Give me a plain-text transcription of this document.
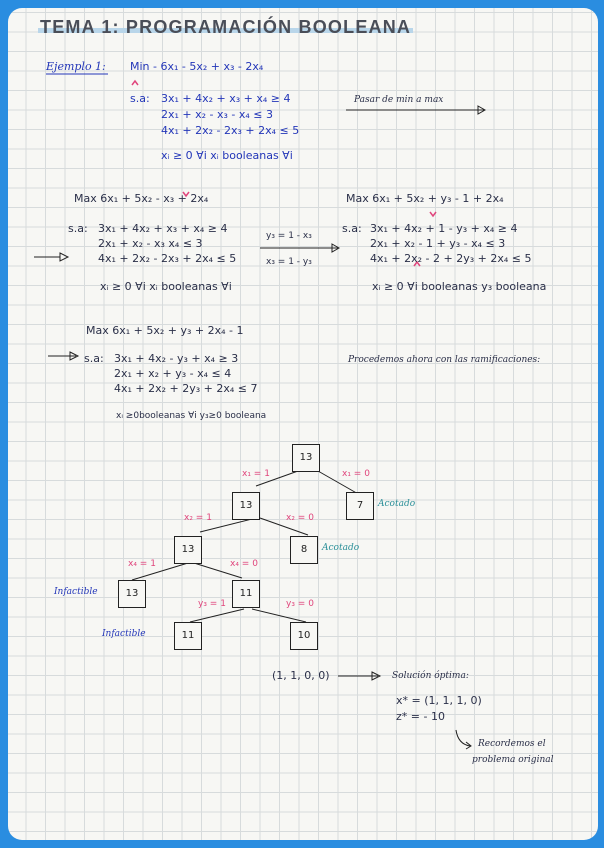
TEMA 1: PROGRAMACIÓN BOOLEANA
Ejemplo 1: Min - 6x₁ - 5x₂ + x₃ - 2x₄
s.a: 3x₁ + 4x₂ + x₃ + x₄ ≥ 4
2x₁ + x₂ - x₃ - x₄ ≤ 3
4x₁ + 2x₂ - 2x₃ + 2x₄ ≤ 5
xᵢ ≥ 0 ∀i xᵢ booleanas ∀i
Pasar de min a max
Max 6x₁ + 5x₂ - x₃ + 2x₄
s.a: 3x₁ + 4x₂ + x₃ + x₄ ≥ 4
2x₁ + x₂ - x₃ x₄ ≤ 3
4x₁ + 2x₂ - 2x₃ + 2x₄ ≤ 5
xᵢ ≥ 0 ∀i xᵢ booleanas ∀i
y₃ = 1 - x₃
x₃ = 1 - y₃
Max 6x₁ + 5x₂ + y₃ - 1 + 2x₄
s.a: 3x₁ + 4x₂ + 1 - y₃ + x₄ ≥ 4
2x₁ + x₂ - 1 + y₃ - x₄ ≤ 3
4x₁ + 2x₂ - 2 + 2y₃ + 2x₄ ≤ 5
xᵢ ≥ 0 ∀i booleanas y₃ booleana
Max 6x₁ + 5x₂ + y₃ + 2x₄ - 1
s.a: 3x₁ + 4x₂ - y₃ + x₄ ≥ 3
2x₁ + x₂ + y₃ - x₄ ≤ 4
4x₁ + 2x₂ + 2y₃ + 2x₄ ≤ 7
xᵢ ≥0booleanas ∀i y₃≥0 booleana
Procedemos ahora con las ramificaciones:
13
13	7
13	8
13	11
11	10
x₁ = 1	x₁ = 0
x₂ = 1	x₂ = 0
x₄ = 1	x₄ = 0
y₃ = 1	y₃ = 0
Acotado
Acotado
Infactible
Infactible
(1, 1, 0, 0)	Solución óptima:
x* = (1, 1, 1, 0)
z* = - 10
Recordemos el
problema original
